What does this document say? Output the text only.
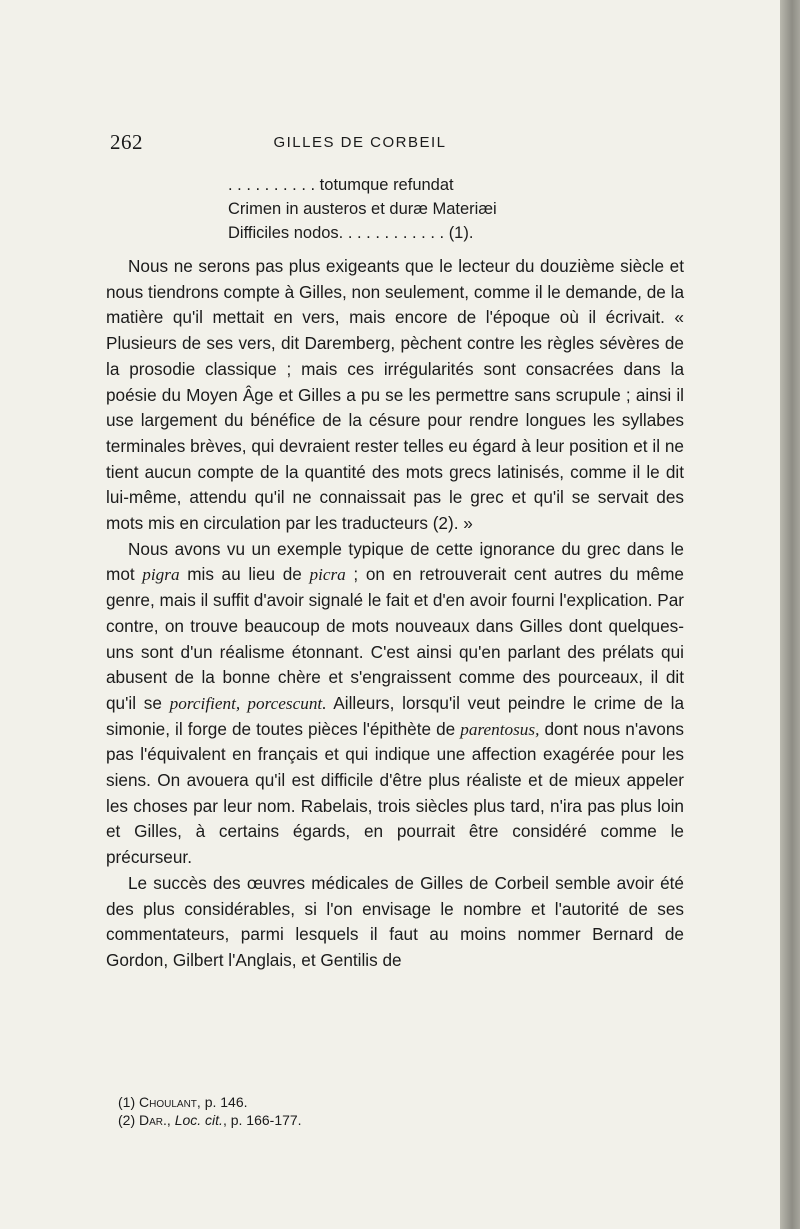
262	GILLES DE CORBEIL
. . . . . . . . . . totumque refundat
Crimen in austeros et duræ Materiæi
Difficiles nodos. . . . . . . . . . . . (1).

Nous ne serons pas plus exigeants que le lecteur du douzième siècle et nous tiendrons compte à Gilles, non seulement, comme il le demande, de la matière qu'il mettait en vers, mais encore de l'époque où il écrivait. « Plusieurs de ses vers, dit Daremberg, pèchent contre les règles sévères de la prosodie classique ; mais ces irrégularités sont consacrées dans la poésie du Moyen Âge et Gilles a pu se les permettre sans scrupule ; ainsi il use largement du bénéfice de la césure pour rendre longues les syllabes terminales brèves, qui devraient rester telles eu égard à leur position et il ne tient aucun compte de la quantité des mots grecs latinisés, comme il le dit lui-même, attendu qu'il ne connaissait pas le grec et qu'il se servait des mots mis en circulation par les traducteurs (2). »

Nous avons vu un exemple typique de cette ignorance du grec dans le mot pigra mis au lieu de picra ; on en retrouverait cent autres du même genre, mais il suffit d'avoir signalé le fait et d'en avoir fourni l'explication. Par contre, on trouve beaucoup de mots nouveaux dans Gilles dont quelques-uns sont d'un réalisme étonnant. C'est ainsi qu'en parlant des prélats qui abusent de la bonne chère et s'engraissent comme des pourceaux, il dit qu'il se porcifient, porcescunt. Ailleurs, lorsqu'il veut peindre le crime de la simonie, il forge de toutes pièces l'épithète de parentosus, dont nous n'avons pas l'équivalent en français et qui indique une affection exagérée pour les siens. On avouera qu'il est difficile d'être plus réaliste et de mieux appeler les choses par leur nom. Rabelais, trois siècles plus tard, n'ira pas plus loin et Gilles, à certains égards, en pourrait être considéré comme le précurseur.

Le succès des œuvres médicales de Gilles de Corbeil semble avoir été des plus considérables, si l'on envisage le nombre et l'autorité de ses commentateurs, parmi lesquels il faut au moins nommer Bernard de Gordon, Gilbert l'Anglais, et Gentilis de

(1) Choulant, p. 146.
(2) Dar., Loc. cit., p. 166-177.
